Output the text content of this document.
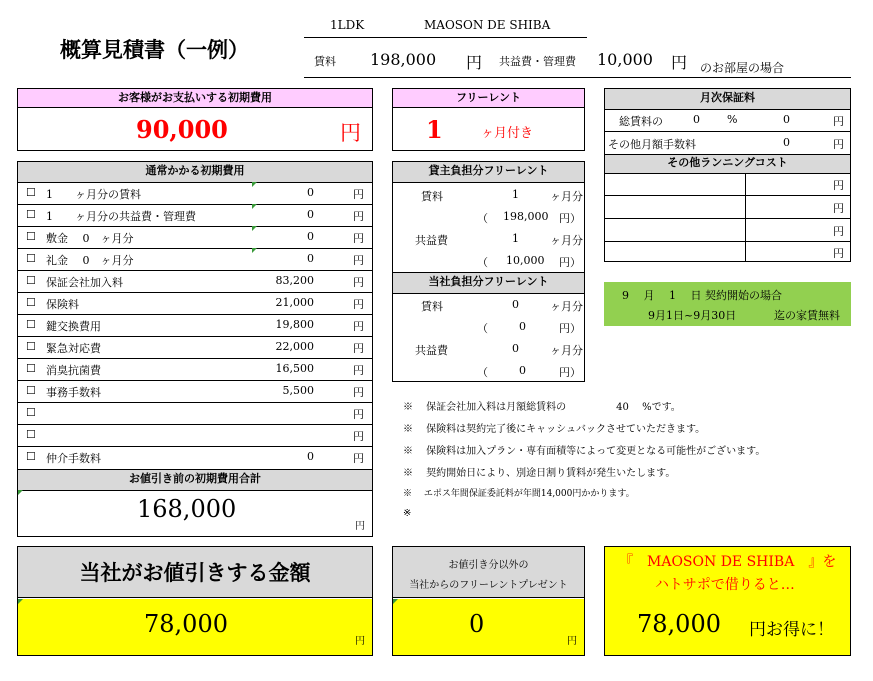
概算見積書（一例）
1LDK	MAOSON DE SHIBA
賃料 198,000 円 共益費・管理費 10,000 円 のお部屋の場合
お客様がお支払いする初期費用
90,000	円
フリーレント
1	ヶ月付き
月次保証料
総賃料の	0 %	0	円
その他月額手数料	0	円
その他ランニングコスト
円
円
円
円
9　 月　 1　 日 契約開始の場合
9月1日~9月30日	迄の家賃無料
通常かかる初期費用
☐ 1　　ヶ月分の賃料	0	円
☐ 1　　ヶ月分の共益費・管理費	0	円
☐ 敷金　 0　ヶ月分	0	円
☐ 礼金　 0　ヶ月分	0	円
☐ 保証会社加入料	83,200	円
☐ 保険料	21,000	円
☐ 鍵交換費用	19,800	円
☐ 緊急対応費	22,000	円
☐ 消臭抗菌費	16,500	円
☐ 事務手数料	5,500	円
☐	円
☐	円
☐ 仲介手数料	0	円
お値引き前の初期費用合計
168,000
円
貸主負担分フリーレント
賃料	1	ヶ月分
（ 198,000 円）
共益費	1	ヶ月分
（ 10,000 円）
当社負担分フリーレント
賃料	0	ヶ月分
（	0	円）
共益費	0	ヶ月分
（	0	円）
※　 保証会社加入料は月額総賃料の　　　　　40　 %です。
※　 保険料は契約完了後にキャッシュバックさせていただきます。
※　 保険料は加入プラン・専有面積等によって変更となる可能性がございます。
※　 契約開始日により、別途日割り賃料が発生いたします。
※　 エポス年間保証委託料が年間14,000円かかります。
※
当社がお値引きする金額
78,000
円
お値引き分以外の
当社からのフリーレントプレゼント
0
円
『　MAOSON DE SHIBA　』を
ハトサポで借りると…
78,000 円お得に！
